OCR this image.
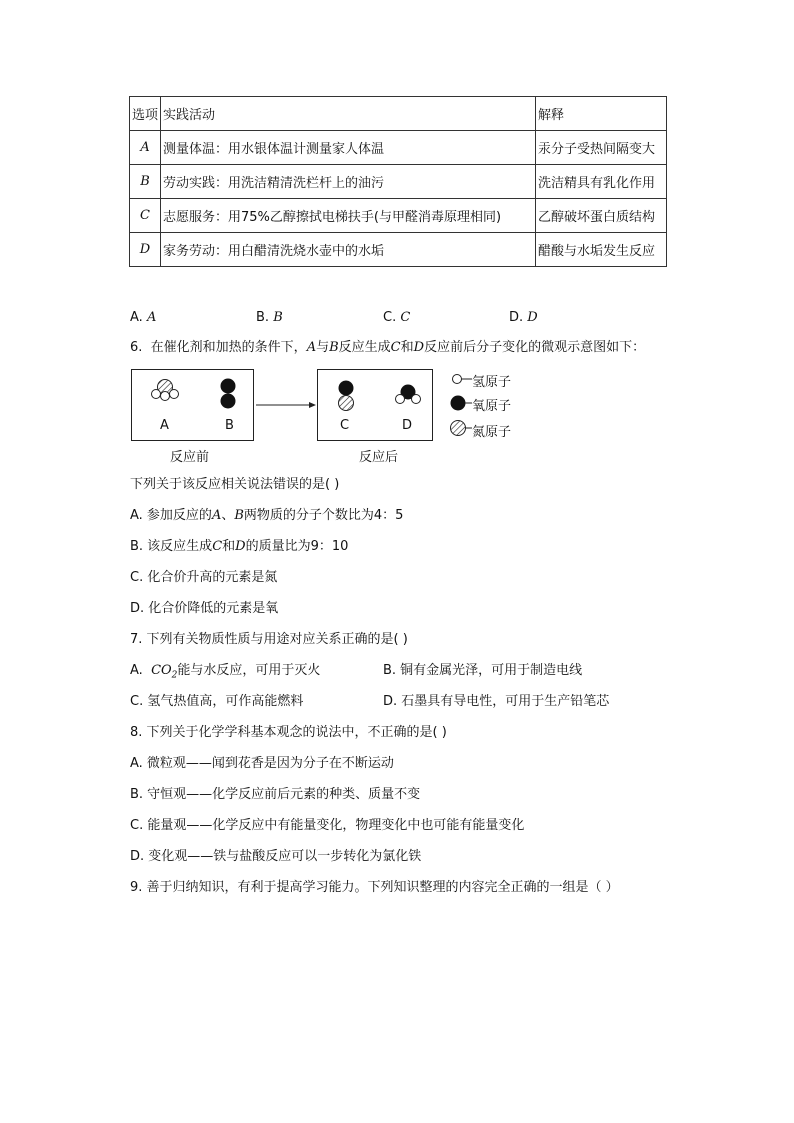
选项	实践活动	解释
A	测量体温：用水银体温计测量家人体温	汞分子受热间隔变大
B	劳动实践：用洗洁精清洗栏杆上的油污	洗洁精具有乳化作用
C	志愿服务：用75%乙醇擦拭电梯扶手(与甲醛消毒原理相同)	乙醇破坏蛋白质结构
D	家务劳动：用白醋清洗烧水壶中的水垢	醋酸与水垢发生反应
A. A	B. B	C. C	D. D
6. 在催化剂和加热的条件下，A与B反应生成C和D反应前后分子变化的微观示意图如下：
A	B	C	D
反应前	反应后
氢原子
氧原子
氮原子
下列关于该反应相关说法错误的是( )
A. 参加反应的A、B两物质的分子个数比为4：5
B. 该反应生成C和D的质量比为9：10
C. 化合价升高的元素是氮
D. 化合价降低的元素是氧
7. 下列有关物质性质与用途对应关系正确的是( )
A. $CO_2$能与水反应，可用于灭火	B. 铜有金属光泽，可用于制造电线
C. 氢气热值高，可作高能燃料	D. 石墨具有导电性，可用于生产铅笔芯
8. 下列关于化学学科基本观念的说法中，不正确的是( )
A. 微粒观——闻到花香是因为分子在不断运动
B. 守恒观——化学反应前后元素的种类、质量不变
C. 能量观——化学反应中有能量变化，物理变化中也可能有能量变化
D. 变化观——铁与盐酸反应可以一步转化为氯化铁
9. 善于归纳知识，有利于提高学习能力。下列知识整理的内容完全正确的一组是（ ）
